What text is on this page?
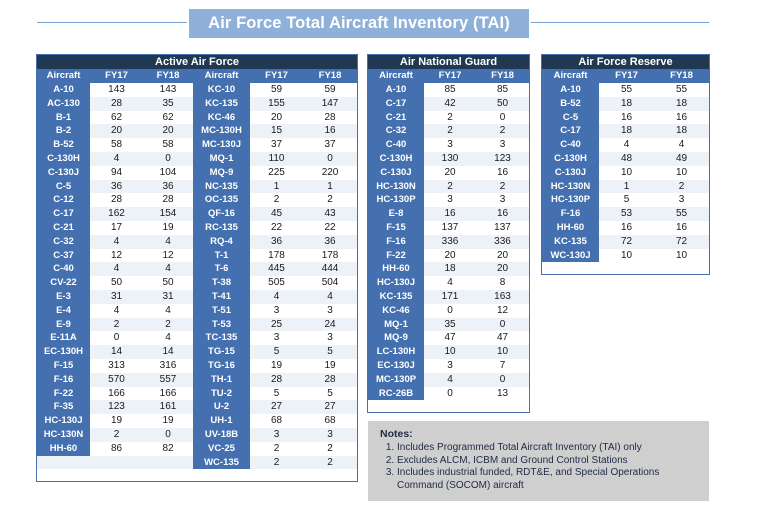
Air Force Total Aircraft Inventory (TAI)
Active Air Force					
Aircraft	FY17	FY18	Aircraft	FY17	FY18
A-10	143	143	KC-10	59	59
AC-130	28	35	KC-135	155	147
B-1	62	62	KC-46	20	28
B-2	20	20	MC-130H	15	16
B-52	58	58	MC-130J	37	37
C-130H	4	0	MQ-1	110	0
C-130J	94	104	MQ-9	225	220
C-5	36	36	NC-135	1	1
C-12	28	28	OC-135	2	2
C-17	162	154	QF-16	45	43
C-21	17	19	RC-135	22	22
C-32	4	4	RQ-4	36	36
C-37	12	12	T-1	178	178
C-40	4	4	T-6	445	444
CV-22	50	50	T-38	505	504
E-3	31	31	T-41	4	4
E-4	4	4	T-51	3	3
E-9	2	2	T-53	25	24
E-11A	0	4	TC-135	3	3
EC-130H	14	14	TG-15	5	5
F-15	313	316	TG-16	19	19
F-16	570	557	TH-1	28	28
F-22	166	166	TU-2	5	5
F-35	123	161	U-2	27	27
HC-130J	19	19	UH-1	68	68
HC-130N	2	0	UV-18B	3	3
HH-60	86	82	VC-25	2	2
			WC-135	2	2
Air National Guard		
Aircraft	FY17	FY18
A-10	85	85
C-17	42	50
C-21	2	0
C-32	2	2
C-40	3	3
C-130H	130	123
C-130J	20	16
HC-130N	2	2
HC-130P	3	3
E-8	16	16
F-15	137	137
F-16	336	336
F-22	20	20
HH-60	18	20
HC-130J	4	8
KC-135	171	163
KC-46	0	12
MQ-1	35	0
MQ-9	47	47
LC-130H	10	10
EC-130J	3	7
MC-130P	4	0
RC-26B	0	13
Air Force Reserve		
Aircraft	FY17	FY18
A-10	55	55
B-52	18	18
C-5	16	16
C-17	18	18
C-40	4	4
C-130H	48	49
C-130J	10	10
HC-130N	1	2
HC-130P	5	3
F-16	53	55
HH-60	16	16
KC-135	72	72
WC-130J	10	10
Notes:
1. Includes Programmed Total Aircraft Inventory (TAI) only
2. Excludes ALCM, ICBM and Ground Control Stations
3. Includes industrial funded, RDT&E, and Special Operations Command (SOCOM) aircraft
